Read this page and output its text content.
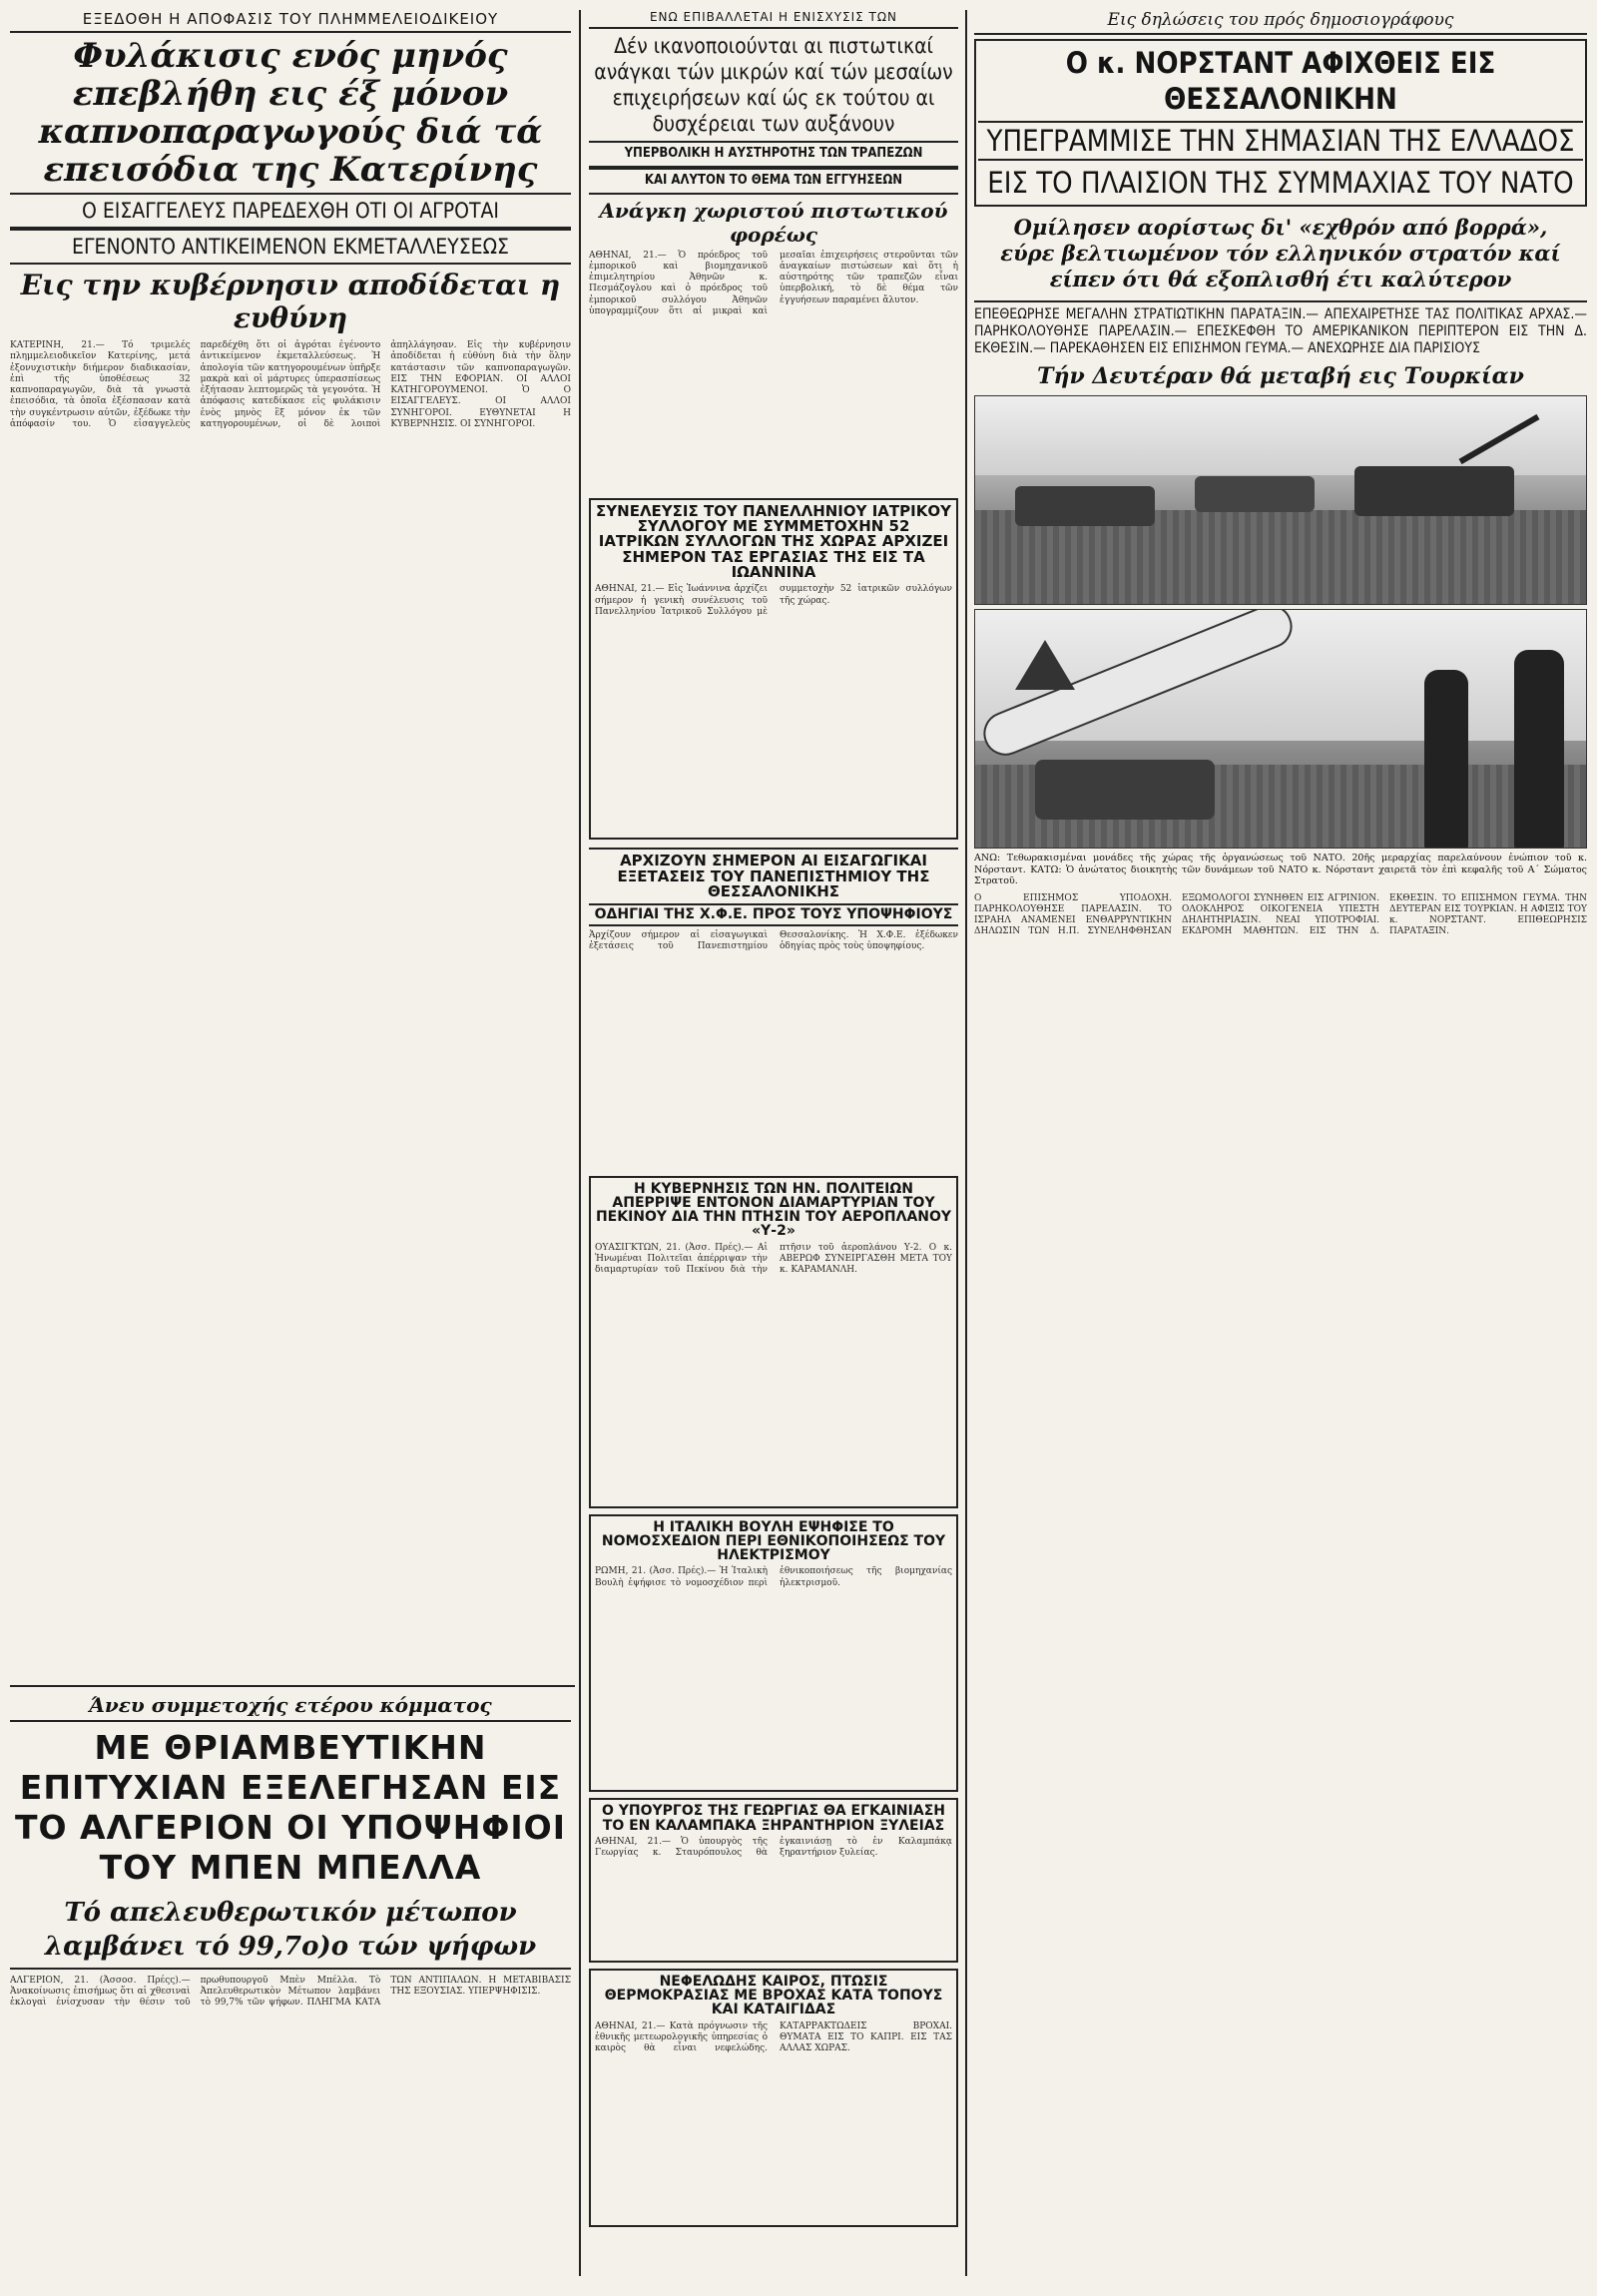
ΕΞΕΔΟΘΗ Η ΑΠΟΦΑΣΙΣ ΤΟΥ ΠΛΗΜΜΕΛΕΙΟΔΙΚΕΙΟΥ
Φυλάκισις ενός μηνός επεβλήθη εις έξ μόνον καπνοπαραγωγούς διά τά επεισόδια της Κατερίνης
Ο ΕΙΣΑΓΓΕΛΕΥΣ ΠΑΡΕΔΕΧΘΗ ΟΤΙ ΟΙ ΑΓΡΟΤΑΙ
ΕΓΕΝΟΝΤΟ ΑΝΤΙΚΕΙΜΕΝΟΝ ΕΚΜΕΤΑΛΛΕΥΣΕΩΣ
Εις την κυβέρνησιν αποδίδεται η ευθύνη
ΚΑΤΕΡΙΝΗ, 21.— Τό τριμελές πλημμελειοδικεῖον Κατερίνης, μετά ἐξονυχιστικὴν διήμερον διαδικασίαν, ἐπὶ τῆς ὑποθέσεως 32 καπνοπαραγωγῶν, διὰ τὰ γνωστὰ ἐπεισόδια, τὰ ὁποῖα ἐξέσπασαν κατὰ τὴν συγκέντρωσιν αὐτῶν, ἐξέδωκε τὴν ἀπόφασίν του. Ὁ εἰσαγγελεὺς παρεδέχθη ὅτι οἱ ἀγρόται ἐγένοντο ἀντικείμενον ἐκμεταλλεύσεως. Ἡ ἀπολογία τῶν κατηγορουμένων ὑπῆρξε μακρὰ καὶ οἱ μάρτυρες ὑπερασπίσεως ἐξήτασαν λεπτομερῶς τὰ γεγονότα. Ἡ ἀπόφασις κατεδίκασε εἰς φυλάκισιν ἑνὸς μηνὸς ἓξ μόνον ἐκ τῶν κατηγορουμένων, οἱ δὲ λοιποὶ ἀπηλλάγησαν. Εἰς τὴν κυβέρνησιν ἀποδίδεται ἡ εὐθύνη διὰ τὴν ὅλην κατάστασιν τῶν καπνοπαραγωγῶν. ΕΙΣ ΤΗΝ ΕΦΟΡΙΑΝ. ΟΙ ΑΛΛΟΙ ΚΑΤΗΓΟΡΟΥΜΕΝΟΙ. Ὁ Ο ΕΙΣΑΓΓΕΛΕΥΣ. ΟΙ ΑΛΛΟΙ ΣΥΝΗΓΟΡΟΙ. ΕΥΘΥΝΕΤΑΙ Η ΚΥΒΕΡΝΗΣΙΣ. ΟΙ ΣΥΝΗΓΟΡΟΙ.
Άνευ συμμετοχής ετέρου κόμματος
ΜΕ ΘΡΙΑΜΒΕΥΤΙΚΗΝ ΕΠΙΤΥΧΙΑΝ ΕΞΕΛΕΓΗΣΑΝ ΕΙΣ ΤΟ ΑΛΓΕΡΙΟΝ ΟΙ ΥΠΟΨΗΦΙΟΙ ΤΟΥ ΜΠΕΝ ΜΠΕΛΛΑ
Τό απελευθερωτικόν μέτωπον
λαμβάνει τό 99,7ο)ο τών ψήφων
ΑΛΓΕΡΙΟΝ, 21. (Ἀσσοσ. Πρέςς).— Ἀνακοίνωσις ἐπισήμως ὅτι αἱ χθεσιναὶ ἐκλογαὶ ἐνίσχυσαν τὴν θέσιν τοῦ πρωθυπουργοῦ Μπὲν Μπέλλα. Τὸ Ἀπελευθερωτικὸν Μέτωπον λαμβάνει τὸ 99,7% τῶν ψήφων. ΠΛΗΓΜΑ ΚΑΤΑ ΤΩΝ ΑΝΤΙΠΑΛΩΝ. Η ΜΕΤΑΒΙΒΑΣΙΣ ΤΗΣ ΕΞΟΥΣΙΑΣ. ΥΠΕΡΨΗΦΙΣΙΣ.
ΕΝΩ ΕΠΙΒΑΛΛΕΤΑΙ Η ΕΝΙΣΧΥΣΙΣ ΤΩΝ
Δέν ικανοποιούνται αι πιστωτικαί ανάγκαι τών μικρών καί τών μεσαίων επιχειρήσεων καί ώς εκ τούτου αι δυσχέρειαι των αυξάνουν
ΥΠΕΡΒΟΛΙΚΗ Η ΑΥΣΤΗΡΟΤΗΣ ΤΩΝ ΤΡΑΠΕΖΩΝ
ΚΑΙ ΑΛΥΤΟΝ ΤΟ ΘΕΜΑ ΤΩΝ ΕΓΓΥΗΣΕΩΝ
Ανάγκη χωριστού πιστωτικού φορέως
ΑΘΗΝΑΙ, 21.— Ὁ πρόεδρος τοῦ ἐμπορικοῦ καὶ βιομηχανικοῦ ἐπιμελητηρίου Ἀθηνῶν κ. Πεσμάζογλου καὶ ὁ πρόεδρος τοῦ ἐμπορικοῦ συλλόγου Ἀθηνῶν ὑπογραμμίζουν ὅτι αἱ μικραὶ καὶ μεσαῖαι ἐπιχειρήσεις στεροῦνται τῶν ἀναγκαίων πιστώσεων καὶ ὅτι ἡ αὐστηρότης τῶν τραπεζῶν εἶναι ὑπερβολική, τὸ δὲ θέμα τῶν ἐγγυήσεων παραμένει ἄλυτον.
ΣΥΝΕΛΕΥΣΙΣ ΤΟΥ ΠΑΝΕΛΛΗΝΙΟΥ ΙΑΤΡΙΚΟΥ ΣΥΛΛΟΓΟΥ ΜΕ ΣΥΜΜΕΤΟΧΗΝ 52 ΙΑΤΡΙΚΩΝ ΣΥΛΛΟΓΩΝ ΤΗΣ ΧΩΡΑΣ ΑΡΧΙΖΕΙ ΣΗΜΕΡΟΝ ΤΑΣ ΕΡΓΑΣΙΑΣ ΤΗΣ ΕΙΣ ΤΑ ΙΩΑΝΝΙΝΑ
ΑΘΗΝΑΙ, 21.— Εἰς Ἰωάννινα ἀρχίζει σήμερον ἡ γενικὴ συνέλευσις τοῦ Πανελληνίου Ἰατρικοῦ Συλλόγου μὲ συμμετοχὴν 52 ἰατρικῶν συλλόγων τῆς χώρας.
ΑΡΧΙΖΟΥΝ ΣΗΜΕΡΟΝ ΑΙ ΕΙΣΑΓΩΓΙΚΑΙ ΕΞΕΤΑΣΕΙΣ ΤΟΥ ΠΑΝΕΠΙΣΤΗΜΙΟΥ ΤΗΣ ΘΕΣΣΑΛΟΝΙΚΗΣ
ΟΔΗΓΙΑΙ ΤΗΣ Χ.Φ.Ε. ΠΡΟΣ ΤΟΥΣ ΥΠΟΨΗΦΙΟΥΣ
Ἀρχίζουν σήμερον αἱ εἰσαγωγικαὶ ἐξετάσεις τοῦ Πανεπιστημίου Θεσσαλονίκης. Ἡ Χ.Φ.Ε. ἐξέδωκεν ὁδηγίας πρὸς τοὺς ὑποψηφίους.
Η ΚΥΒΕΡΝΗΣΙΣ ΤΩΝ ΗΝ. ΠΟΛΙΤΕΙΩΝ ΑΠΕΡΡΙΨΕ ΕΝΤΟΝΟΝ ΔΙΑΜΑΡΤΥΡΙΑΝ ΤΟΥ ΠΕΚΙΝΟΥ ΔΙΑ ΤΗΝ ΠΤΗΣΙΝ ΤΟΥ ΑΕΡΟΠΛΑΝΟΥ «Υ-2»
ΟΥΑΣΙΓΚΤΩΝ, 21. (Ἀσσ. Πρές).— Αἱ Ἡνωμέναι Πολιτεῖαι ἀπέρριψαν τὴν διαμαρτυρίαν τοῦ Πεκίνου διὰ τὴν πτῆσιν τοῦ ἀεροπλάνου Υ-2. Ο κ. ΑΒΕΡΩΦ ΣΥΝΕΙΡΓΑΣΘΗ ΜΕΤΑ ΤΟΥ κ. ΚΑΡΑΜΑΝΛΗ.
Η ΙΤΑΛΙΚΗ ΒΟΥΛΗ ΕΨΗΦΙΣΕ ΤΟ ΝΟΜΟΣΧΕΔΙΟΝ ΠΕΡΙ ΕΘΝΙΚΟΠΟΙΗΣΕΩΣ ΤΟΥ ΗΛΕΚΤΡΙΣΜΟΥ
ΡΩΜΗ, 21. (Ἀσσ. Πρές).— Ἡ Ἰταλικὴ Βουλὴ ἐψήφισε τὸ νομοσχέδιον περὶ ἐθνικοποιήσεως τῆς βιομηχανίας ἠλεκτρισμοῦ.
Ο ΥΠΟΥΡΓΟΣ ΤΗΣ ΓΕΩΡΓΙΑΣ ΘΑ ΕΓΚΑΙΝΙΑΣΗ ΤΟ ΕΝ ΚΑΛΑΜΠΑΚΑ ΞΗΡΑΝΤΗΡΙΟΝ ΞΥΛΕΙΑΣ
ΑΘΗΝΑΙ, 21.— Ὁ ὑπουργὸς τῆς Γεωργίας κ. Σταυρόπουλος θὰ ἐγκαινιάσῃ τὸ ἐν Καλαμπάκᾳ ξηραντήριον ξυλείας.
ΝΕΦΕΛΩΔΗΣ ΚΑΙΡΟΣ, ΠΤΩΣΙΣ ΘΕΡΜΟΚΡΑΣΙΑΣ ΜΕ ΒΡΟΧΑΣ ΚΑΤΑ ΤΟΠΟΥΣ ΚΑΙ ΚΑΤΑΙΓΙΔΑΣ
ΑΘΗΝΑΙ, 21.— Κατὰ πρόγνωσιν τῆς ἐθνικῆς μετεωρολογικῆς ὑπηρεσίας ὁ καιρὸς θὰ εἶναι νεφελώδης. ΚΑΤΑΡΡΑΚΤΩΔΕΙΣ ΒΡΟΧΑΙ. ΘΥΜΑΤΑ ΕΙΣ ΤΟ ΚΑΠΡΙ. ΕΙΣ ΤΑΣ ΑΛΛΑΣ ΧΩΡΑΣ.
Εις δηλώσεις του πρός δημοσιογράφους
Ο κ. ΝΟΡΣΤΑΝΤ ΑΦΙΧΘΕΙΣ ΕΙΣ ΘΕΣΣΑΛΟΝΙΚΗΝ
ΥΠΕΓΡΑΜΜΙΣΕ ΤΗΝ ΣΗΜΑΣΙΑΝ ΤΗΣ ΕΛΛΑΔΟΣ
ΕΙΣ ΤΟ ΠΛΑΙΣΙΟΝ ΤΗΣ ΣΥΜΜΑΧΙΑΣ ΤΟΥ ΝΑΤΟ
Ομίλησεν αορίστως δι' «εχθρόν από βορρά», εύρε βελτιωμένον τόν ελληνικόν στρατόν καί είπεν ότι θά εξοπλισθή έτι καλύτερον
ΕΠΕΘΕΩΡΗΣΕ ΜΕΓΑΛΗΝ ΣΤΡΑΤΙΩΤΙΚΗΝ ΠΑΡΑΤΑΞΙΝ.— ΑΠΕΧΑΙΡΕΤΗΣΕ ΤΑΣ ΠΟΛΙΤΙΚΑΣ ΑΡΧΑΣ.— ΠΑΡΗΚΟΛΟΥΘΗΣΕ ΠΑΡΕΛΑΣΙΝ.— ΕΠΕΣΚΕΦΘΗ ΤΟ ΑΜΕΡΙΚΑΝΙΚΟΝ ΠΕΡΙΠΤΕΡΟΝ ΕΙΣ ΤΗΝ Δ. ΕΚΘΕΣΙΝ.— ΠΑΡΕΚΑΘΗΣΕΝ ΕΙΣ ΕΠΙΣΗΜΟΝ ΓΕΥΜΑ.— ΑΝΕΧΩΡΗΣΕ ΔΙΑ ΠΑΡΙΣΙΟΥΣ
Τήν Δευτέραν θά μεταβή εις Τουρκίαν
ΑΝΩ: Τεθωρακισμέναι μονάδες τῆς χώρας τῆς ὀργανώσεως τοῦ ΝΑΤΟ. 20ῆς μεραρχίας παρελαύνουν ἐνώπιον τοῦ κ. Νόρσταντ. ΚΑΤΩ: Ὁ ἀνώτατος διοικητὴς τῶν δυνάμεων τοῦ ΝΑΤΟ κ. Νόρσταντ χαιρετᾶ τὸν ἐπὶ κεφαλῆς τοῦ Α΄ Σώματος Στρατοῦ.
Ο ΕΠΙΣΗΜΟΣ ΥΠΟΔΟΧΗ. ΠΑΡΗΚΟΛΟΥΘΗΣΕ ΠΑΡΕΛΑΣΙΝ. ΤΟ ΙΣΡΑΗΛ ΑΝΑΜΕΝΕΙ ΕΝΘΑΡΡΥΝΤΙΚΗΝ ΔΗΛΩΣΙΝ ΤΩΝ Η.Π. ΣΥΝΕΛΗΦΘΗΣΑΝ ΕΞΩΜΟΛΟΓΟΙ ΣΥΝΗΘΕΝ ΕΙΣ ΑΓΡΙΝΙΟΝ. ΟΛΟΚΛΗΡΟΣ ΟΙΚΟΓΕΝΕΙΑ ΥΠΕΣΤΗ ΔΗΛΗΤΗΡΙΑΣΙΝ. ΝΕΑΙ ΥΠΟΤΡΟΦΙΑΙ. ΕΚΔΡΟΜΗ ΜΑΘΗΤΩΝ. ΕΙΣ ΤΗΝ Δ. ΕΚΘΕΣΙΝ. ΤΟ ΕΠΙΣΗΜΟΝ ΓΕΥΜΑ. ΤΗΝ ΔΕΥΤΕΡΑΝ ΕΙΣ ΤΟΥΡΚΙΑΝ. Η ΑΦΙΞΙΣ ΤΟΥ κ. ΝΟΡΣΤΑΝΤ. ΕΠΙΘΕΩΡΗΣΙΣ ΠΑΡΑΤΑΞΙΝ.
